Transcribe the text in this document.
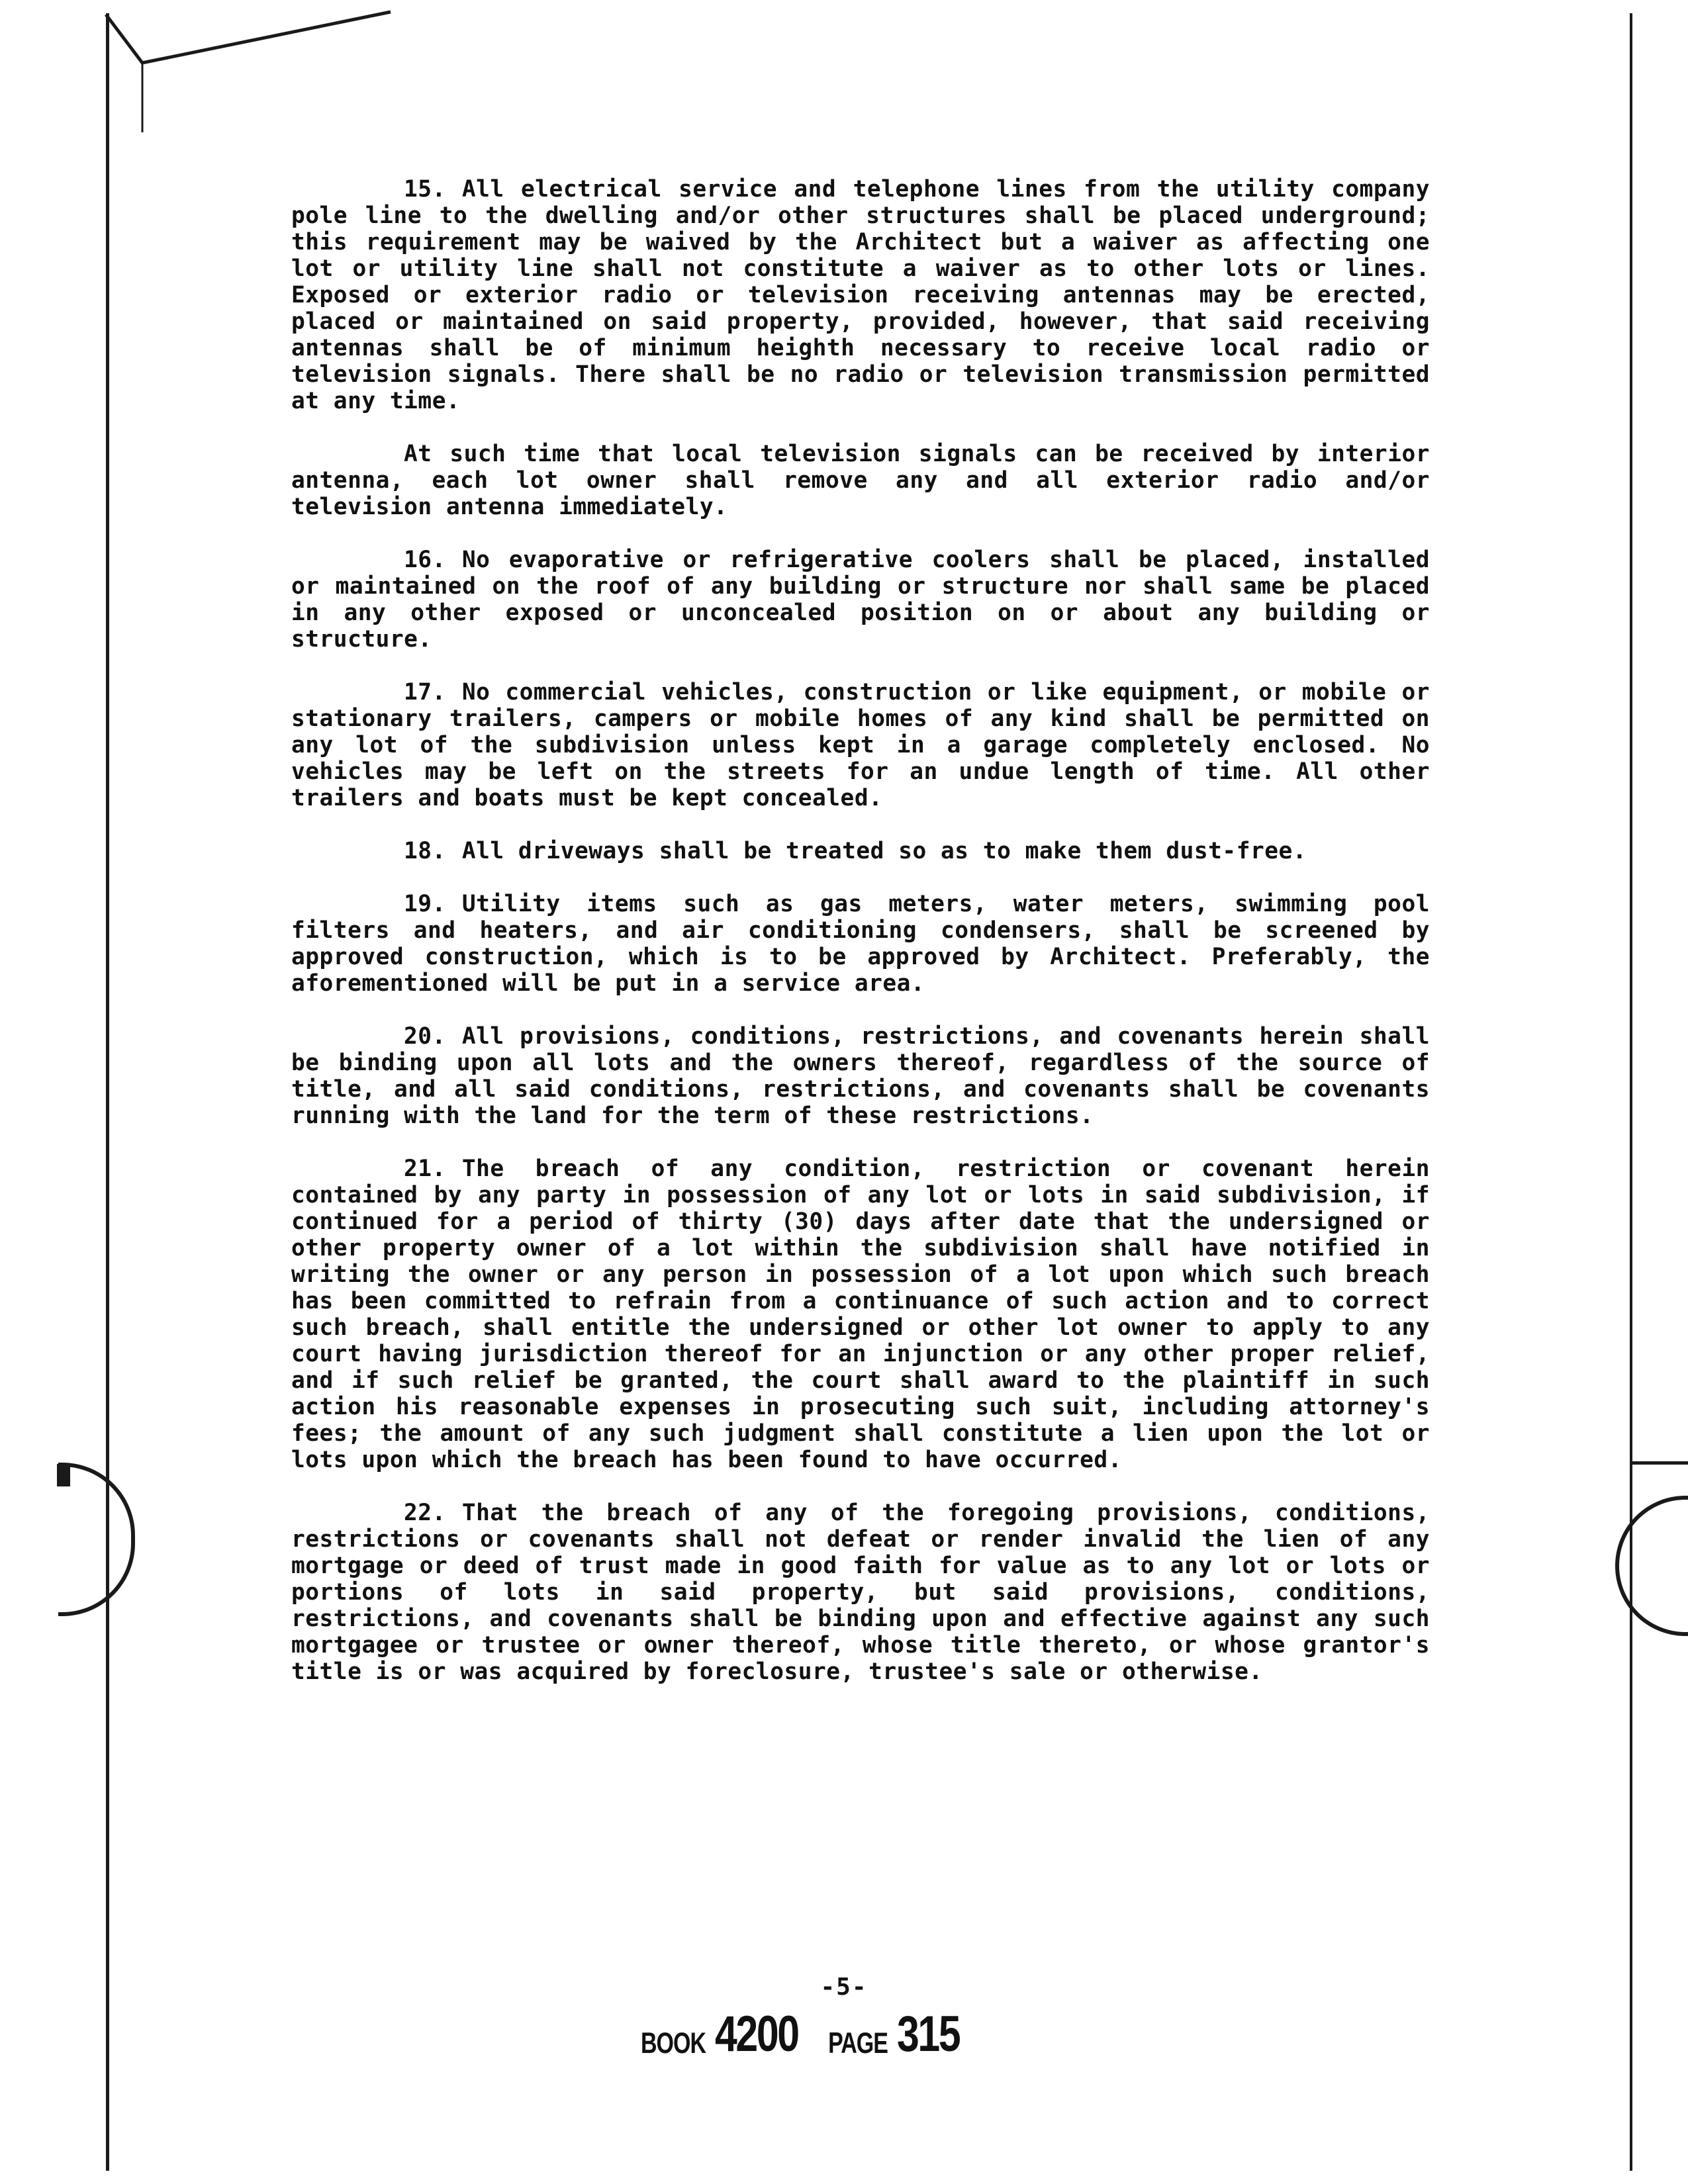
15. All electrical service and telephone lines from the utility company pole line to the dwelling and/or other structures shall be placed underground; this requirement may be waived by the Architect but a waiver as affecting one lot or utility line shall not constitute a waiver as to other lots or lines. Exposed or exterior radio or television receiving antennas may be erected, placed or maintained on said property, provided, however, that said receiving antennas shall be of minimum heighth necessary to receive local radio or television signals. There shall be no radio or television transmission permitted at any time.

At such time that local television signals can be received by interior antenna, each lot owner shall remove any and all exterior radio and/or television antenna immediately.

16. No evaporative or refrigerative coolers shall be placed, installed or maintained on the roof of any building or structure nor shall same be placed in any other exposed or unconcealed position on or about any building or structure.

17. No commercial vehicles, construction or like equipment, or mobile or stationary trailers, campers or mobile homes of any kind shall be permitted on any lot of the subdivision unless kept in a garage completely enclosed. No vehicles may be left on the streets for an undue length of time. All other trailers and boats must be kept concealed.

18. All driveways shall be treated so as to make them dust-free.

19. Utility items such as gas meters, water meters, swimming pool filters and heaters, and air conditioning condensers, shall be screened by approved construction, which is to be approved by Architect. Preferably, the aforementioned will be put in a service area.

20. All provisions, conditions, restrictions, and covenants herein shall be binding upon all lots and the owners thereof, regardless of the source of title, and all said conditions, restrictions, and covenants shall be covenants running with the land for the term of these restrictions.

21. The breach of any condition, restriction or covenant herein contained by any party in possession of any lot or lots in said subdivision, if continued for a period of thirty (30) days after date that the undersigned or other property owner of a lot within the subdivision shall have notified in writing the owner or any person in possession of a lot upon which such breach has been committed to refrain from a continuance of such action and to correct such breach, shall entitle the undersigned or other lot owner to apply to any court having jurisdiction thereof for an injunction or any other proper relief, and if such relief be granted, the court shall award to the plaintiff in such action his reasonable expenses in prosecuting such suit, including attorney's fees; the amount of any such judgment shall constitute a lien upon the lot or lots upon which the breach has been found to have occurred.

22. That the breach of any of the foregoing provisions, conditions, restrictions or covenants shall not defeat or render invalid the lien of any mortgage or deed of trust made in good faith for value as to any lot or lots or portions of lots in said property, but said provisions, conditions, restrictions, and covenants shall be binding upon and effective against any such mortgagee or trustee or owner thereof, whose title thereto, or whose grantor's title is or was acquired by foreclosure, trustee's sale or otherwise.

-5-
BOOK 4200 PAGE 315
